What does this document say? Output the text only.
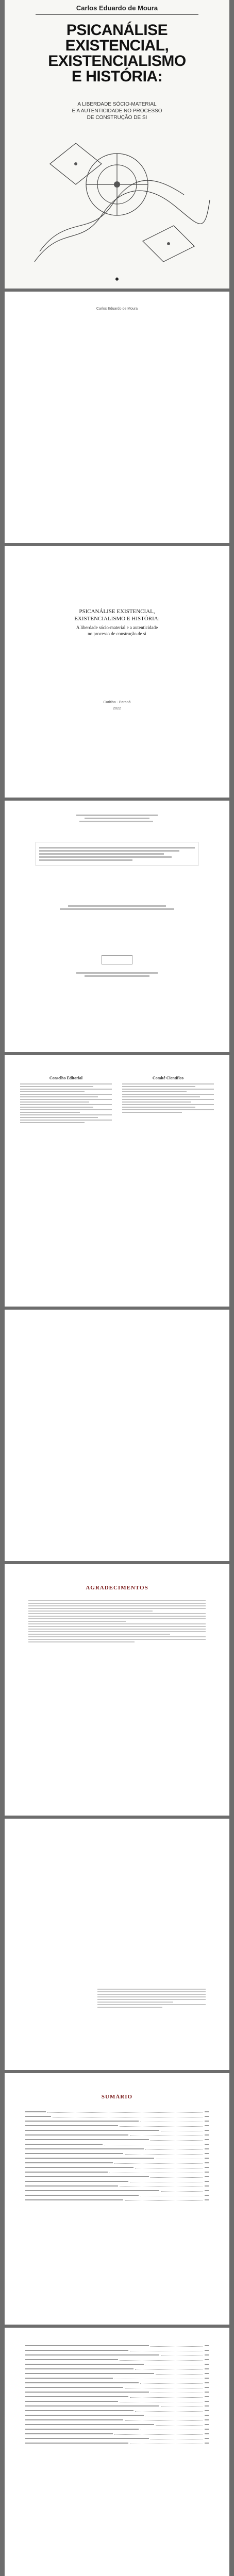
Carlos Eduardo de Moura
PSICANÁLISE
EXISTENCIAL,
EXISTENCIALISMO
E HISTÓRIA:
A LIBERDADE SÓCIO-MATERIAL
E A AUTENTICIDADE NO PROCESSO
DE CONSTRUÇÃO DE SI
◆
Carlos Eduardo de Moura
PSICANÁLISE EXISTENCIAL,
EXISTENCIALISMO E HISTÓRIA:
A liberdade sócio-material e a autenticidade
no processo de construção de si
Curitiba - Paraná
2022
Conselho Editorial	Comitê Científico
AGRADECIMENTOS
SUMÁRIO
